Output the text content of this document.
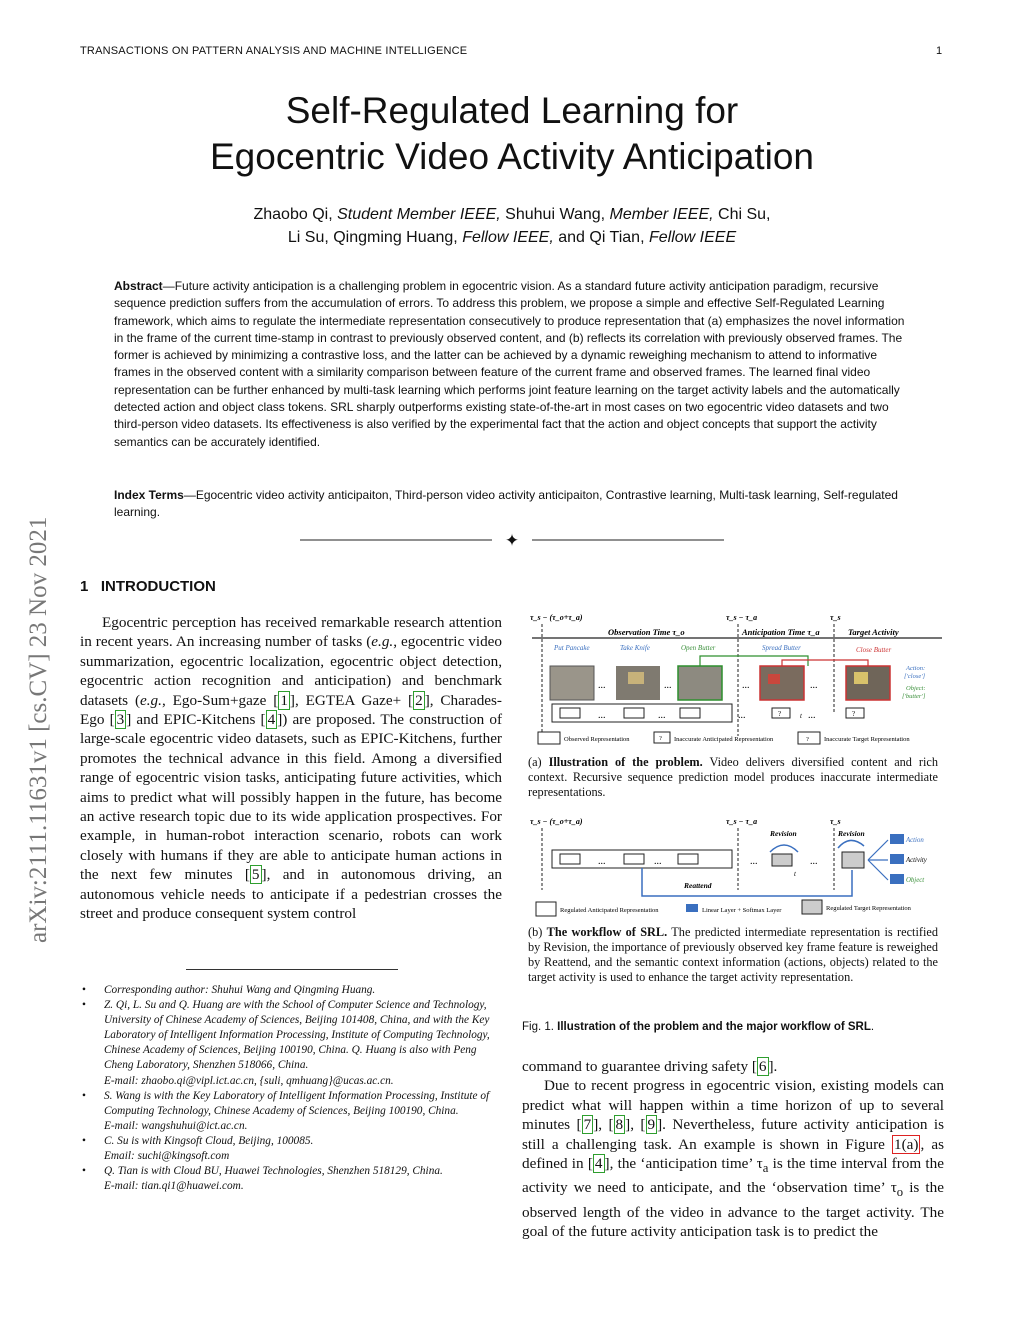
TRANSACTIONS ON PATTERN ANALYSIS AND MACHINE INTELLIGENCE	1
arXiv:2111.11631v1 [cs.CV] 23 Nov 2021
Self-Regulated Learning for
Egocentric Video Activity Anticipation
Zhaobo Qi, Student Member IEEE, Shuhui Wang, Member IEEE, Chi Su,
Li Su, Qingming Huang, Fellow IEEE, and Qi Tian, Fellow IEEE
Abstract—Future activity anticipation is a challenging problem in egocentric vision. As a standard future activity anticipation paradigm, recursive sequence prediction suffers from the accumulation of errors. To address this problem, we propose a simple and effective Self-Regulated Learning framework, which aims to regulate the intermediate representation consecutively to produce representation that (a) emphasizes the novel information in the frame of the current time-stamp in contrast to previously observed content, and (b) reflects its correlation with previously observed frames. The former is achieved by minimizing a contrastive loss, and the latter can be achieved by a dynamic reweighing mechanism to attend to informative frames in the observed content with a similarity comparison between feature of the current frame and observed frames. The learned final video representation can be further enhanced by multi-task learning which performs joint feature learning on the target activity labels and the automatically detected action and object class tokens. SRL sharply outperforms existing state-of-the-art in most cases on two egocentric video datasets and two third-person video datasets. Its effectiveness is also verified by the experimental fact that the action and object concepts that support the activity semantics can be accurately identified.
Index Terms—Egocentric video activity anticipaiton, Third-person video activity anticipaiton, Contrastive learning, Multi-task learning, Self-regulated learning.
✦
1 INTRODUCTION
Egocentric perception has received remarkable research attention in recent years. An increasing number of tasks (e.g., egocentric video summarization, egocentric localization, egocentric object detection, egocentric action recognition and anticipation) and benchmark datasets (e.g., Ego-Sum+gaze [ 1 ], EGTEA Gaze+ [ 2 ], Charades-Ego [ 3 ] and EPIC-Kitchens [ 4 ]) are proposed. The construction of large-scale egocentric video datasets, such as EPIC-Kitchens, further promotes the technical advance in this field. Among a diversified range of egocentric vision tasks, anticipating future activities, which aims to predict what will possibly happen in the future, has become an active research topic due to its wide application prospectives. For example, in human-robot interaction scenario, robots can work closely with humans if they are able to anticipate human actions in the next few minutes [ 5 ], and in autonomous driving, an autonomous vehicle needs to anticipate if a pedestrian crosses the street and produce consequent system control
• Corresponding author: Shuhui Wang and Qingming Huang.
• Z. Qi, L. Su and Q. Huang are with the School of Computer Science and Technology, University of Chinese Academy of Sciences, Beijing 101408, China, and with the Key Laboratory of Intelligent Information Processing, Institute of Computing Technology, Chinese Academy of Sciences, Beijing 100190, China. Q. Huang is also with Peng Cheng Laboratory, Shenzhen 518066, China.
E-mail: zhaobo.qi@vipl.ict.ac.cn, {suli, qmhuang}@ucas.ac.cn.
• S. Wang is with the Key Laboratory of Intelligent Information Processing, Institute of Computing Technology, Chinese Academy of Sciences, Beijing 100190, China.
E-mail: wangshuhui@ict.ac.cn.
• C. Su is with Kingsoft Cloud, Beijing, 100085.
Email: suchi@kingsoft.com
• Q. Tian is with Cloud BU, Huawei Technologies, Shenzhen 518129, China.
E-mail: tian.qi1@huawei.com.
τ_s − (τ_o+τ_a)	τ_s − τ_a	τ_s
Observation Time τ_o	Anticipation Time τ_a	Target Activity
Put Pancake	Take Knife	Open Butter	Spread Butter	Close Butter
...	...	...	...
Action:
['close']
Object:
['butter']
...	...	...	?	t ...	?
Observed Representation	? Inaccurate Anticipated Representation	? Inaccurate Target Representation
(a) Illustration of the problem. Video delivers diversified content and rich context. Recursive sequence prediction model produces inaccurate intermediate representations.
τ_s − (τ_o+τ_a)	τ_s − τ_a	τ_s
Revision	Revision
...	...	...	...
t
Action
Activity
Object
Reattend
Regulated Anticipated Representation	Linear Layer + Softmax Layer	Regulated Target Representation
(b) The workflow of SRL. The predicted intermediate representation is rectified by Revision, the importance of previously observed key frame feature is reweighed by Reattend, and the semantic context information (actions, objects) related to the target activity is used to enhance the target activity representation.
Fig. 1. Illustration of the problem and the major workflow of SRL.

command to guarantee driving safety [ 6 ].

Due to recent progress in egocentric vision, existing models can predict what will happen within a time horizon of up to several minutes [ 7 ], [ 8 ], [ 9 ]. Nevertheless, future activity anticipation is still a challenging task. An example is shown in Figure 1(a) , as defined in [ 4 ], the ‘anticipation time’ $\tau_a$ is the time interval from the activity we need to anticipate, and the ‘observation time’ $\tau_o$ is the observed length of the video in advance to the target activity. The goal of the future activity anticipation task is to predict the
